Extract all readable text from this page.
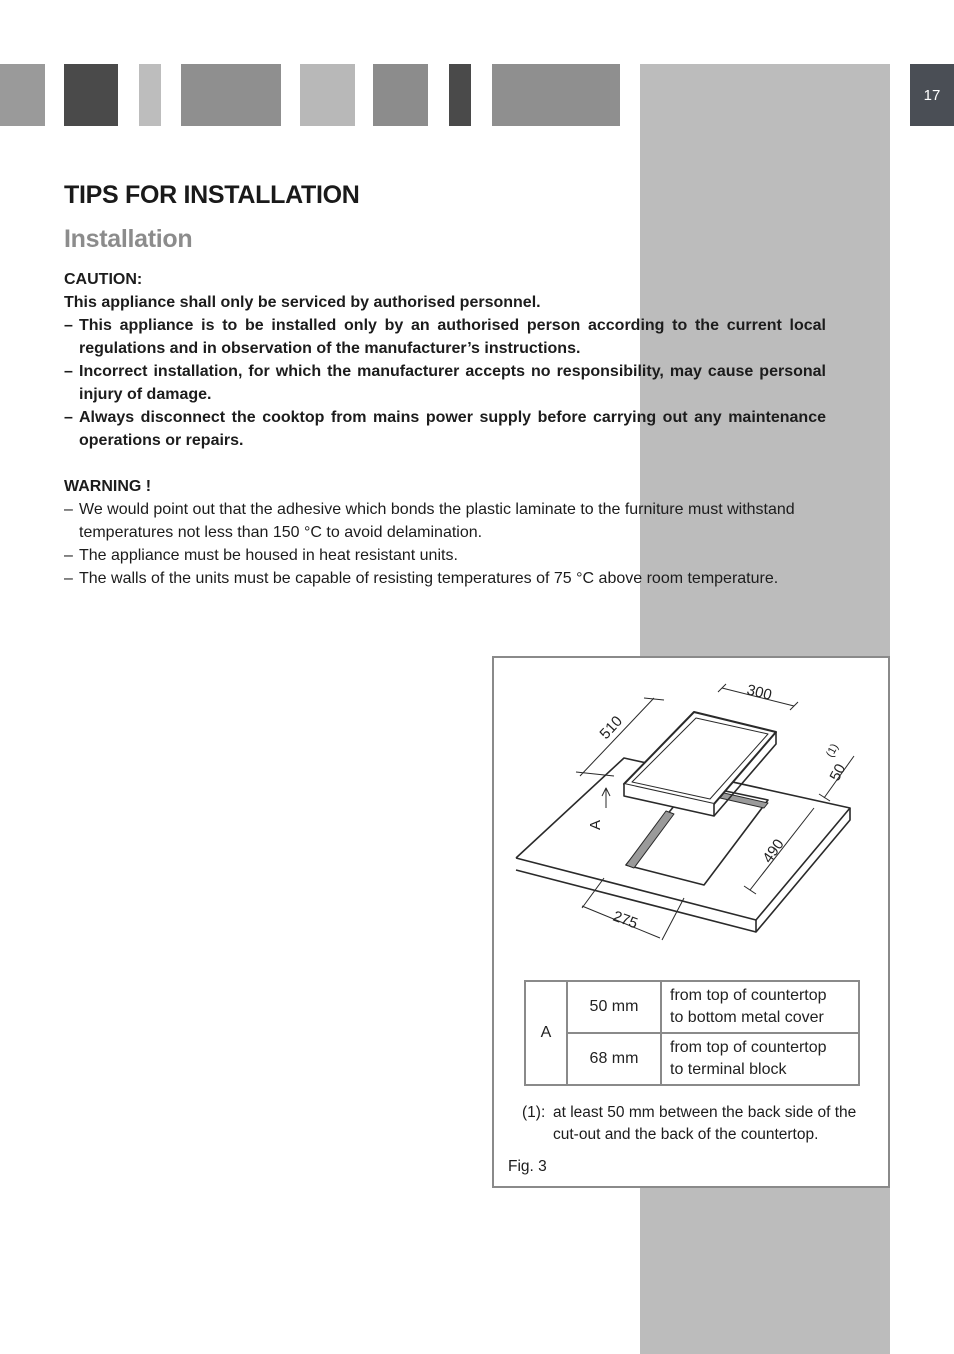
17
TIPS FOR INSTALLATION
Installation

CAUTION:

This appliance shall only be serviced by authorised personnel.

– This appliance is to be installed only by an authorised person according to the current local regulations and in observation of the manufacturer’s instructions.
– Incorrect installation, for which the manufacturer accepts no responsibility, may cause personal injury of damage.
– Always disconnect the cooktop from mains power supply before carrying out any maintenance operations or repairs.

WARNING !

– We would point out that the adhesive which bonds the plastic laminate to the furniture must withstand temperatures not less than 150 °C to avoid delamination.
– The appliance must be housed in heat resistant units.
– The walls of the units must be capable of resisting temperatures of 75 °C above room temperature.
300
510
50
(1)
490
275
A
A	50 mm	from top of countertop
to bottom metal cover
	68 mm	from top of countertop
to terminal block
(1): at least 50 mm between the back side of the cut-out and the back of the countertop.
Fig. 3
